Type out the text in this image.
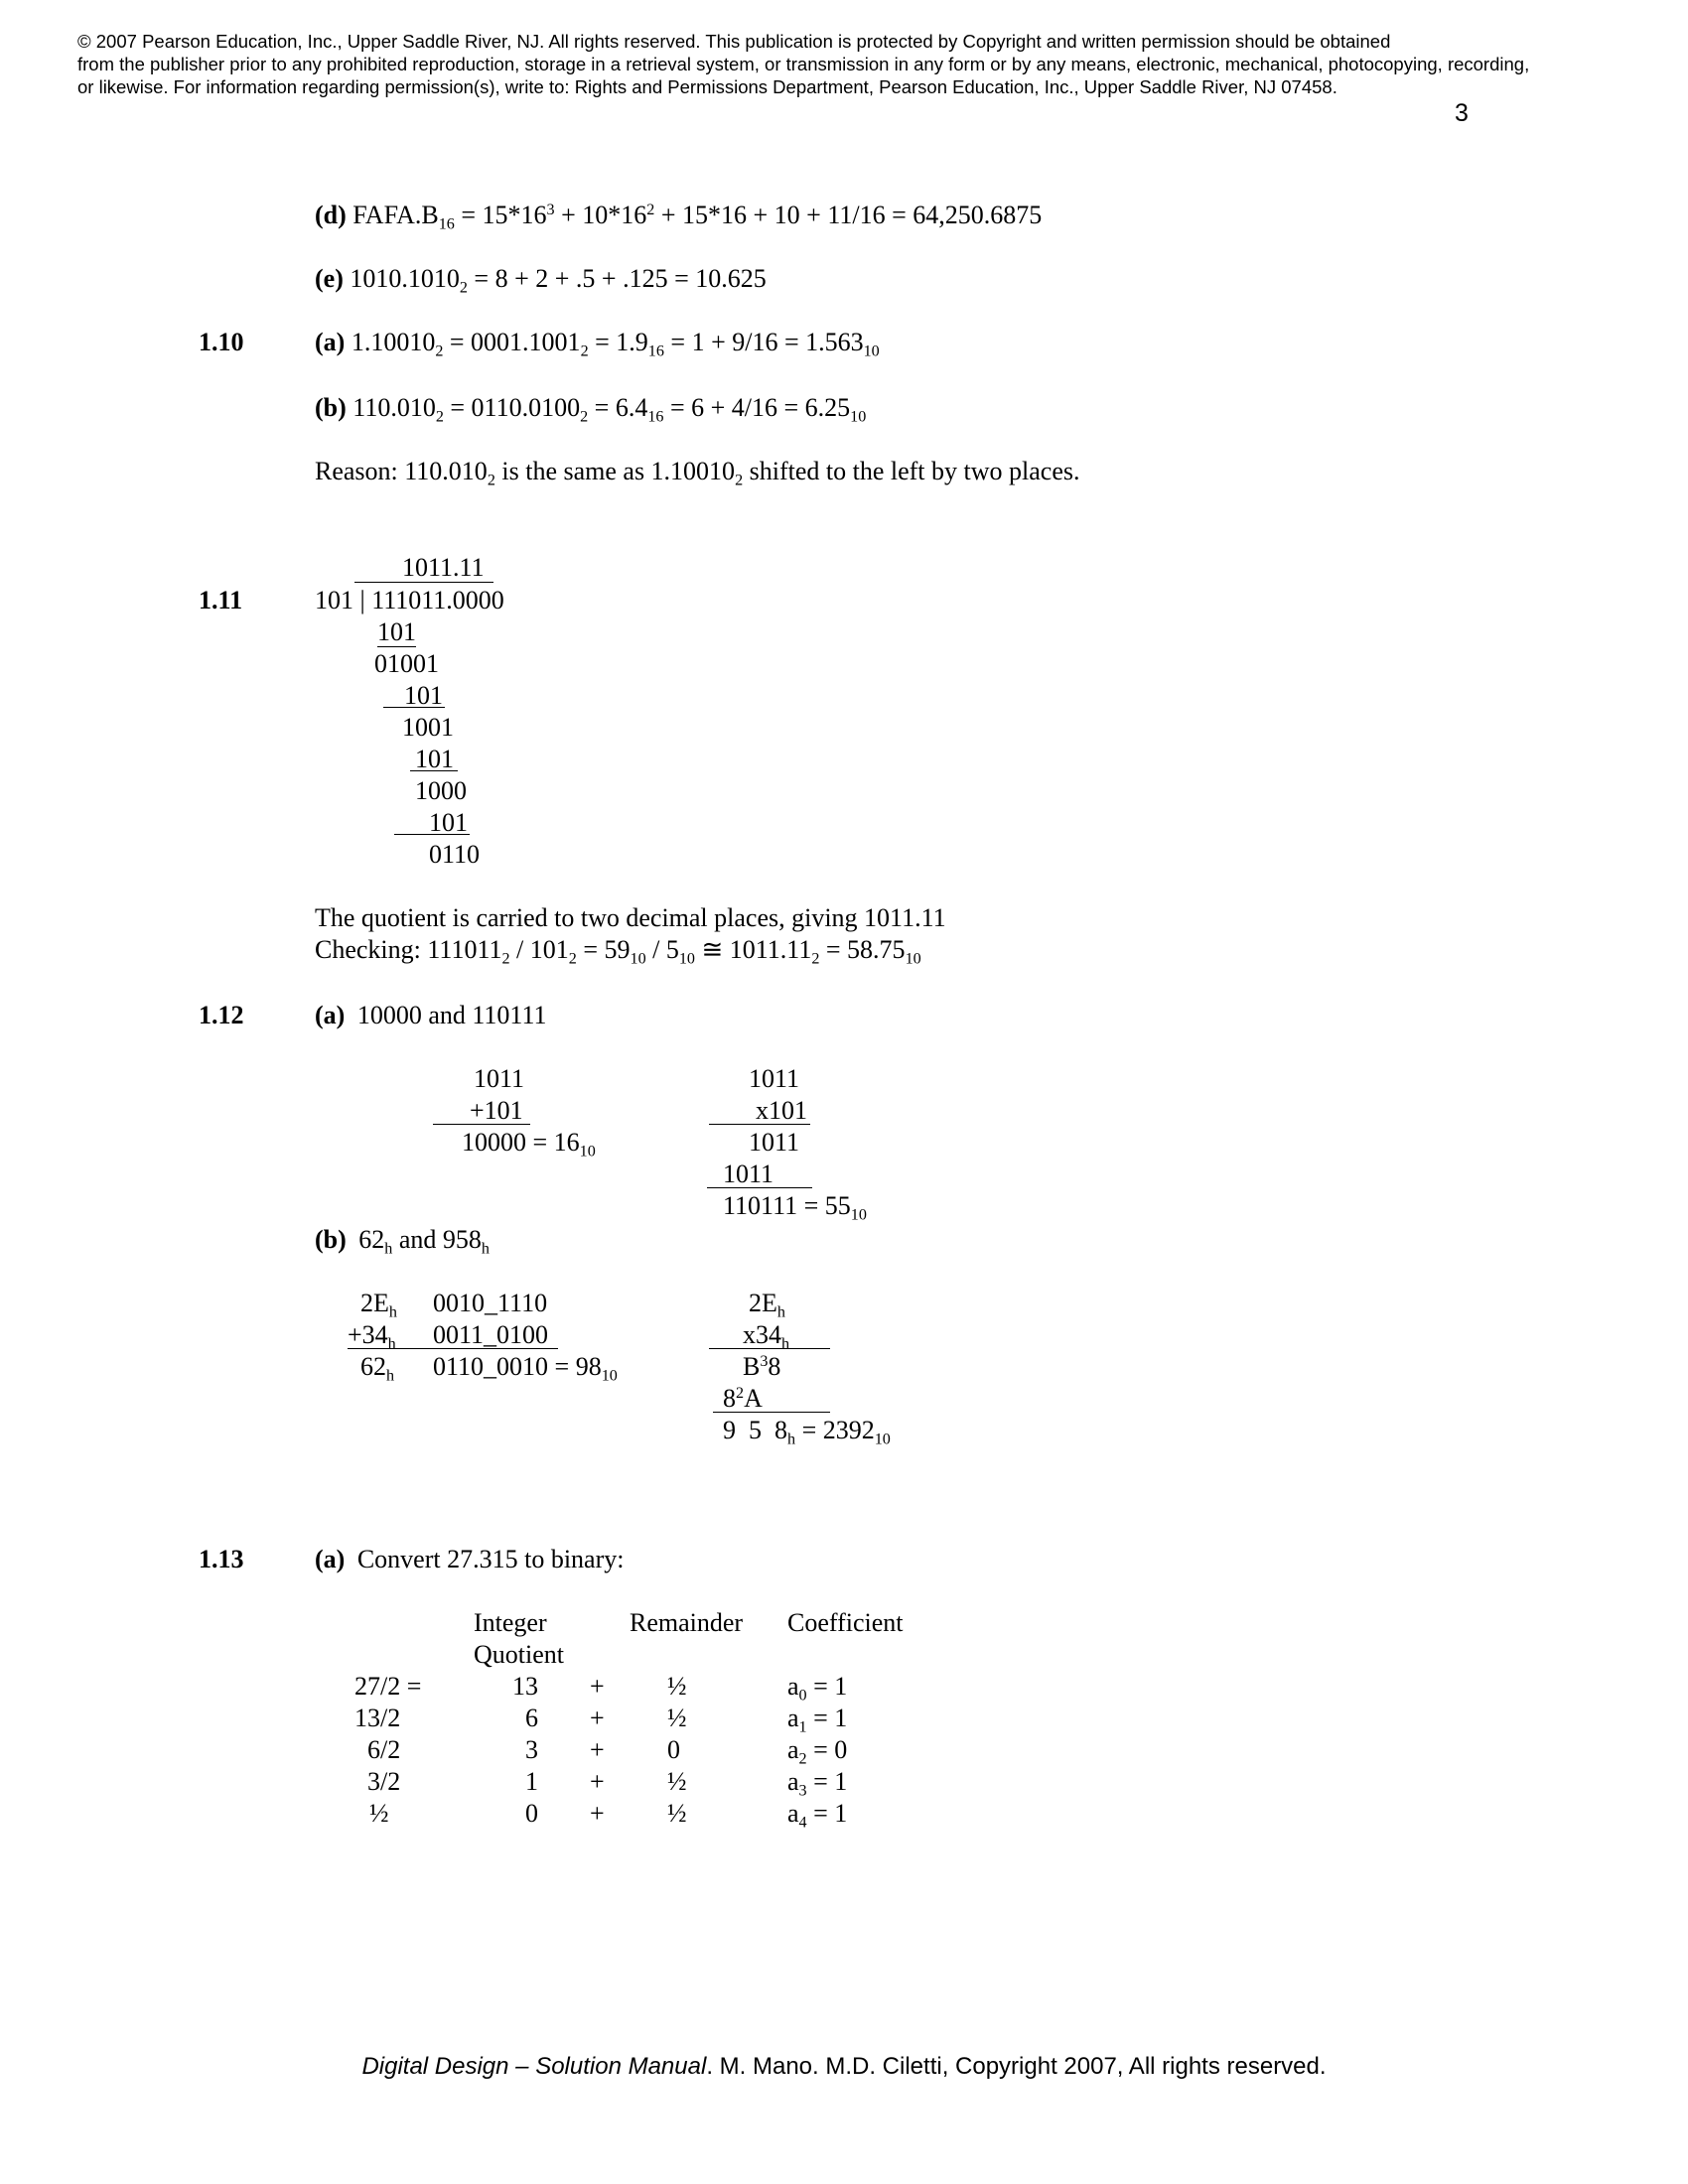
© 2007 Pearson Education, Inc., Upper Saddle River, NJ. All rights reserved. This publication is protected by Copyright and written permission should be obtained
from the publisher prior to any prohibited reproduction, storage in a retrieval system, or transmission in any form or by any means, electronic, mechanical, photocopying, recording,
or likewise. For information regarding permission(s), write to: Rights and Permissions Department, Pearson Education, Inc., Upper Saddle River, NJ 07458.
3
(d) $FAFA.B_{16} = 15*16^3 + 10*16^2 + 15*16 + 10 + 11/16 = 64,250.6875$
(e) $1010.1010_2 = 8 + 2 + .5 + .125 = 10.625$
1.10	(a) $1.10010_2 = 0001.1001_2 = 1.9_{16} = 1 + 9/16 = 1.563_{10}$
(b) $110.010_2 = 0110.0100_2 = 6.4_{16} = 6 + 4/16 = 6.25_{10}$
Reason: $110.010_2$ is the same as $1.10010_2$ shifted to the left by two places.
1.11
1011.11
101 | 111011.0000
101
01001
101
1001
101
1000
101
0110
The quotient is carried to two decimal places, giving 1011.11
Checking: $111011_2 / 101_2 = 59_{10} / 5_{10}$ ≅ $1011.11_2 = 58.75_{10}$
1.12	(a) 10000 and 110111
1011
+101
$10000 = 16_{10}$
1011
x101
1011
1011
$110111 = 55_{10}$
(b) $62_h$ and $958_h$
$2E_h$ 0010_1110
$+34_h$ 0011_0100
$62_h$ 0110_0010 = $98_{10}$
$2E_h$
$x34_h$
$B^38$
$8^2A$
9  5  $8_h = 2392_{10}$
1.13	(a) Convert 27.315 to binary:
Integer
Quotient
Remainder Coefficient
27/2 =	13 + ½	$a_0 = 1$
13/2	6 + ½	$a_1 = 1$
6/2	3 + 0	$a_2 = 0$
3/2	1 + ½	$a_3 = 1$
½	0 + ½	$a_4 = 1$
Digital Design – Solution Manual. M. Mano. M.D. Ciletti, Copyright 2007, All rights reserved.
